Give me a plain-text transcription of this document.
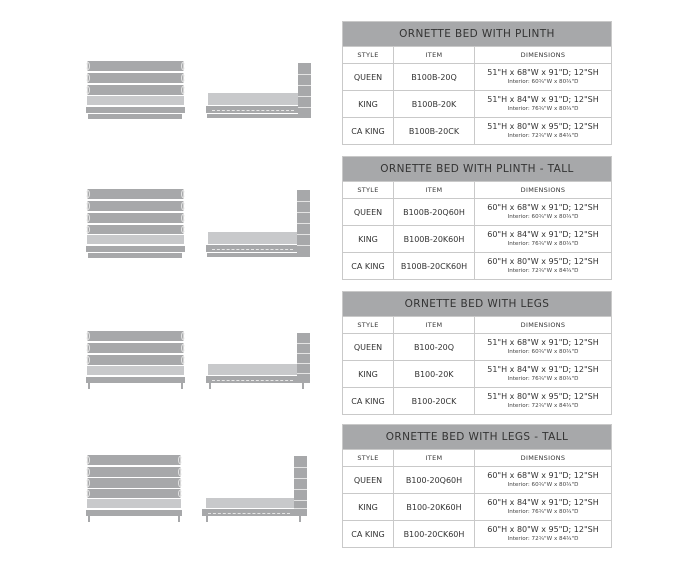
ORNETTE BED WITH PLINTH
STYLE	ITEM	DIMENSIONS
QUEEN	B100B-20Q	51"H x 68"W x 91"D; 12"SH
Interior: 60¾"W x 80¾"D
KING	B100B-20K	51"H x 84"W x 91"D; 12"SH
Interior: 76¾"W x 80¾"D
CA KING	B100B-20CK	51"H x 80"W x 95"D; 12"SH
Interior: 72¾"W x 84¾"D
ORNETTE BED WITH PLINTH - TALL
STYLE	ITEM	DIMENSIONS
QUEEN	B100B-20Q60H	60"H x 68"W x 91"D; 12"SH
Interior: 60¾"W x 80¾"D
KING	B100B-20K60H	60"H x 84"W x 91"D; 12"SH
Interior: 76¾"W x 80¾"D
CA KING	B100B-20CK60H	60"H x 80"W x 95"D; 12"SH
Interior: 72¾"W x 84¾"D
ORNETTE BED WITH LEGS
STYLE	ITEM	DIMENSIONS
QUEEN	B100-20Q	51"H x 68"W x 91"D; 12"SH
Interior: 60¾"W x 80¾"D
KING	B100-20K	51"H x 84"W x 91"D; 12"SH
Interior: 76¾"W x 80¾"D
CA KING	B100-20CK	51"H x 80"W x 95"D; 12"SH
Interior: 72¾"W x 84¾"D
ORNETTE BED WITH LEGS - TALL
STYLE	ITEM	DIMENSIONS
QUEEN	B100-20Q60H	60"H x 68"W x 91"D; 12"SH
Interior: 60¾"W x 80¾"D
KING	B100-20K60H	60"H x 84"W x 91"D; 12"SH
Interior: 76¾"W x 80¾"D
CA KING	B100-20CK60H	60"H x 80"W x 95"D; 12"SH
Interior: 72¾"W x 84¾"D
